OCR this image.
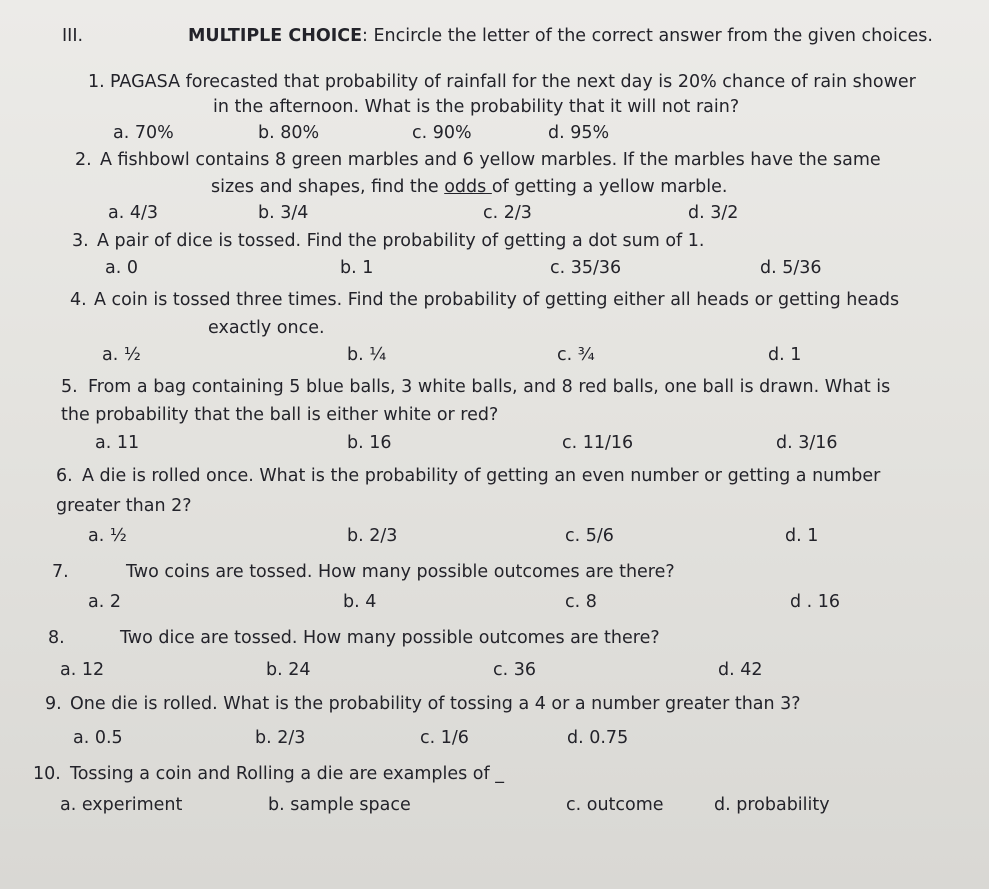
III.	MULTIPLE CHOICE: Encircle the letter of the correct answer from the given choices.
1. PAGASA forecasted that probability of rainfall for the next day is 20% chance of rain shower
in the afternoon. What is the probability that it will not rain?
a. 70%	b. 80%	c. 90%	d. 95%
2. A fishbowl contains 8 green marbles and 6 yellow marbles. If the marbles have the same
sizes and shapes, find the odds of getting a yellow marble.
a. 4/3	b. 3/4	c. 2/3	d. 3/2
3. A pair of dice is tossed. Find the probability of getting a dot sum of 1.
a. 0	b. 1	c. 35/36	d. 5/36
4. A coin is tossed three times. Find the probability of getting either all heads or getting heads
exactly once.
a. ½	b. ¼	c. ¾	d. 1
5. From a bag containing 5 blue balls, 3 white balls, and 8 red balls, one ball is drawn. What is
the probability that the ball is either white or red?
a. 11	b. 16	c. 11/16	d. 3/16
6. A die is rolled once. What is the probability of getting an even number or getting a number
greater than 2?
a. ½	b. 2/3	c. 5/6	d. 1
7.	Two coins are tossed. How many possible outcomes are there?
a. 2	b. 4	c. 8	d . 16
8.	Two dice are tossed. How many possible outcomes are there?
a. 12	b. 24	c. 36	d. 42
9. One die is rolled. What is the probability of tossing a 4 or a number greater than 3?
a. 0.5	b. 2/3	c. 1/6	d. 0.75
10. Tossing a coin and Rolling a die are examples of _
a. experiment	b. sample space	c. outcome	d. probability
